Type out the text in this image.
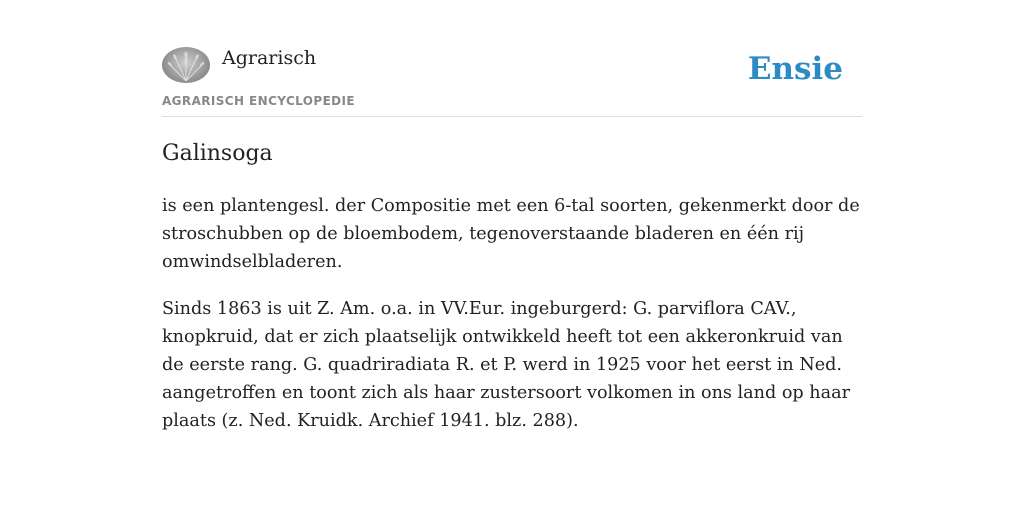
Agrarisch
AGRARISCH ENCYCLOPEDIE
Ensie
Galinsoga

is een plantengesl. der Compositie met een 6-tal soorten, gekenmerkt door de stroschubben op de bloembodem, tegenoverstaande bladeren en één rij omwindselbladeren.

Sinds 1863 is uit Z. Am. o.a. in VV.Eur. ingeburgerd: G. parviflora CAV., knopkruid, dat er zich plaatselijk ontwikkeld heeft tot een akkeronkruid van de eerste rang. G. quadriradiata R. et P. werd in 1925 voor het eerst in Ned. aangetroffen en toont zich als haar zustersoort volkomen in ons land op haar plaats (z. Ned. Kruidk. Archief 1941. blz. 288).
